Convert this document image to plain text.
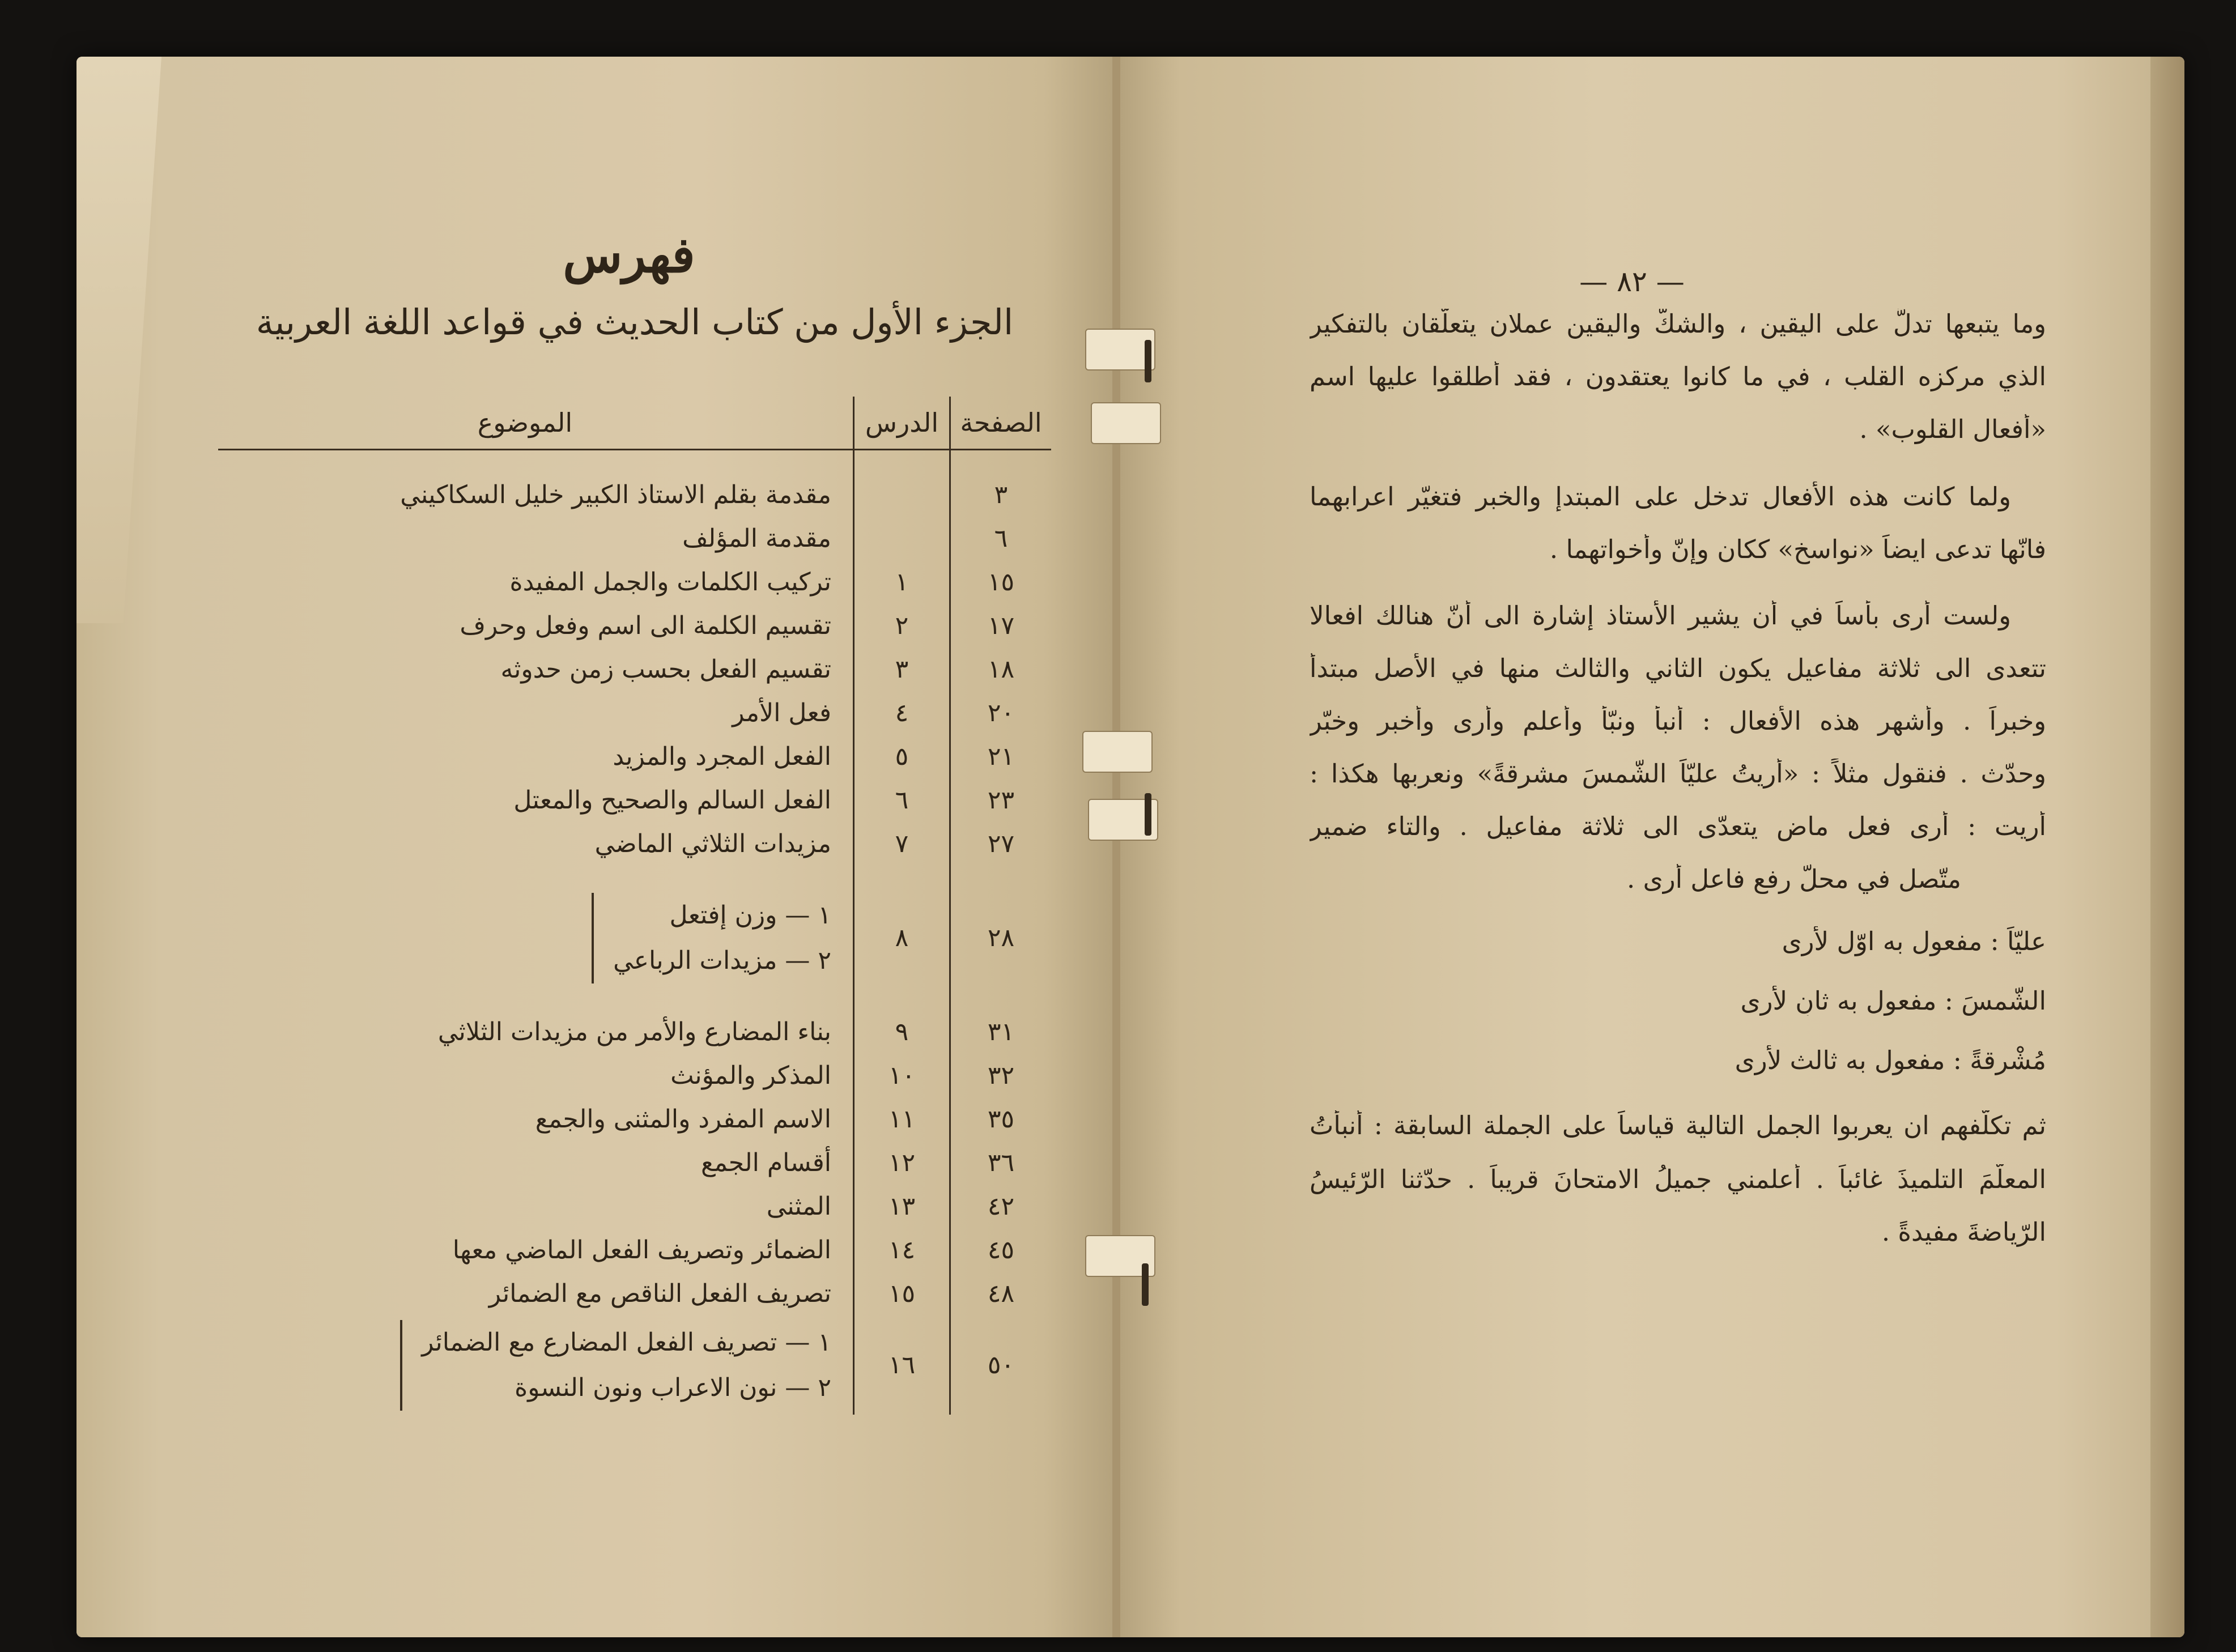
فهرس
الجزء الأول من كتاب الحديث في قواعد اللغة العربية
الصفحة	الدرس	الموضوع

٣		مقدمة بقلم الاستاذ الكبير خليل السكاكيني
٦		مقدمة المؤلف
١٥	١	تركيب الكلمات والجمل المفيدة
١٧	٢	تقسيم الكلمة الى اسم وفعل وحرف
١٨	٣	تقسيم الفعل بحسب زمن حدوثه
٢٠	٤	فعل الأمر
٢١	٥	الفعل المجرد والمزيد
٢٣	٦	الفعل السالم والصحيح والمعتل
٢٧	٧	مزيدات الثلاثي الماضي

٢٨	٨	١ — وزن إفتعل
٢ — مزيدات الرباعي

٣١	٩	بناء المضارع والأمر من مزيدات الثلاثي
٣٢	١٠	المذكر والمؤنث
٣٥	١١	الاسم المفرد والمثنى والجمع
٣٦	١٢	أقسام الجمع
٤٢	١٣	المثنى
٤٥	١٤	الضمائر وتصريف الفعل الماضي معها
٤٨	١٥	تصريف الفعل الناقص مع الضمائر
٥٠	١٦	١ — تصريف الفعل المضارع مع الضمائر
٢ — نون الاعراب ونون النسوة
— ٨٢ —
وما يتبعها تدلُّ على اليقين ، والشكّ واليقين عملان يتعلّقان بالتفكير
الذي مركزه القلب ، في ما كانوا يعتقدون ، فقد أطلقوا عليها اسم
«أفعال القلوب» .
ولما كانت هذه الأفعال تدخل على المبتدإ والخبر فتغيّر اعرابهما
فانّها تدعى ايضاً «نواسخ» ككان وإنّ وأخواتهما .
ولست أرى بأساً في أن يشير الأستاذ إشارة الى أنّ هنالك افعالا
تتعدى الى ثلاثة مفاعيل يكون الثاني والثالث منها في الأصل مبتدأً
وخبراً . وأشهر هذه الأفعال : أنبأ ونبّأ وأعلم وأرى وأخبر وخبّر
وحدّث . فنقول مثلاً : «أريتُ عليّاً الشّمسَ مشرقةً» ونعربها هكذا :
أريت : أرى فعل ماض يتعدّى الى ثلاثة مفاعيل . والتاء ضمير
متّصل في محلّ رفع فاعل أرى .
عليّاً : مفعول به اوّل لأرى
الشّمسَ : مفعول به ثانٍ لأرى
مُشْرِقةً : مفعول به ثالث لأرى
ثم تكلّفهم ان يعربوا الجمل التالية قياساً على الجملة السابقة : أنبأتُ
المعلّمَ التلميذَ غائباً . أعلمني جميلُ الامتحانَ قريباً . حدّثنا الرّئيسُ
الرّياضةَ مفيدةً .
